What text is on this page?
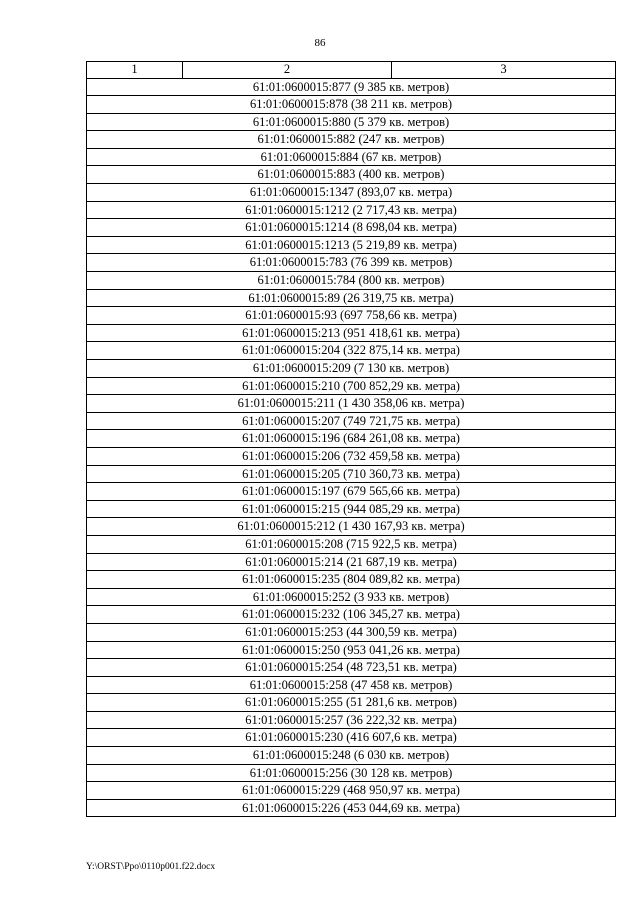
86
1	2	3
61:01:0600015:877 (9 385 кв. метров)
61:01:0600015:878 (38 211 кв. метров)
61:01:0600015:880 (5 379 кв. метров)
61:01:0600015:882 (247 кв. метров)
61:01:0600015:884 (67 кв. метров)
61:01:0600015:883 (400 кв. метров)
61:01:0600015:1347 (893,07 кв. метра)
61:01:0600015:1212 (2 717,43 кв. метра)
61:01:0600015:1214 (8 698,04 кв. метра)
61:01:0600015:1213 (5 219,89 кв. метра)
61:01:0600015:783 (76 399 кв. метров)
61:01:0600015:784 (800 кв. метров)
61:01:0600015:89 (26 319,75 кв. метра)
61:01:0600015:93 (697 758,66 кв. метра)
61:01:0600015:213 (951 418,61 кв. метра)
61:01:0600015:204 (322 875,14 кв. метра)
61:01:0600015:209 (7 130 кв. метров)
61:01:0600015:210 (700 852,29 кв. метра)
61:01:0600015:211 (1 430 358,06 кв. метра)
61:01:0600015:207 (749 721,75 кв. метра)
61:01:0600015:196 (684 261,08 кв. метра)
61:01:0600015:206 (732 459,58 кв. метра)
61:01:0600015:205 (710 360,73 кв. метра)
61:01:0600015:197 (679 565,66 кв. метра)
61:01:0600015:215 (944 085,29 кв. метра)
61:01:0600015:212 (1 430 167,93 кв. метра)
61:01:0600015:208 (715 922,5 кв. метра)
61:01:0600015:214 (21 687,19 кв. метра)
61:01:0600015:235 (804 089,82 кв. метра)
61:01:0600015:252 (3 933 кв. метров)
61:01:0600015:232 (106 345,27 кв. метра)
61:01:0600015:253 (44 300,59 кв. метра)
61:01:0600015:250 (953 041,26 кв. метра)
61:01:0600015:254 (48 723,51 кв. метра)
61:01:0600015:258 (47 458 кв. метров)
61:01:0600015:255 (51 281,6 кв. метров)
61:01:0600015:257 (36 222,32 кв. метра)
61:01:0600015:230 (416 607,6 кв. метра)
61:01:0600015:248 (6 030 кв. метров)
61:01:0600015:256 (30 128 кв. метров)
61:01:0600015:229 (468 950,97 кв. метра)
61:01:0600015:226 (453 044,69 кв. метра)
Y:\ORST\Ppo\0110p001.f22.docx
